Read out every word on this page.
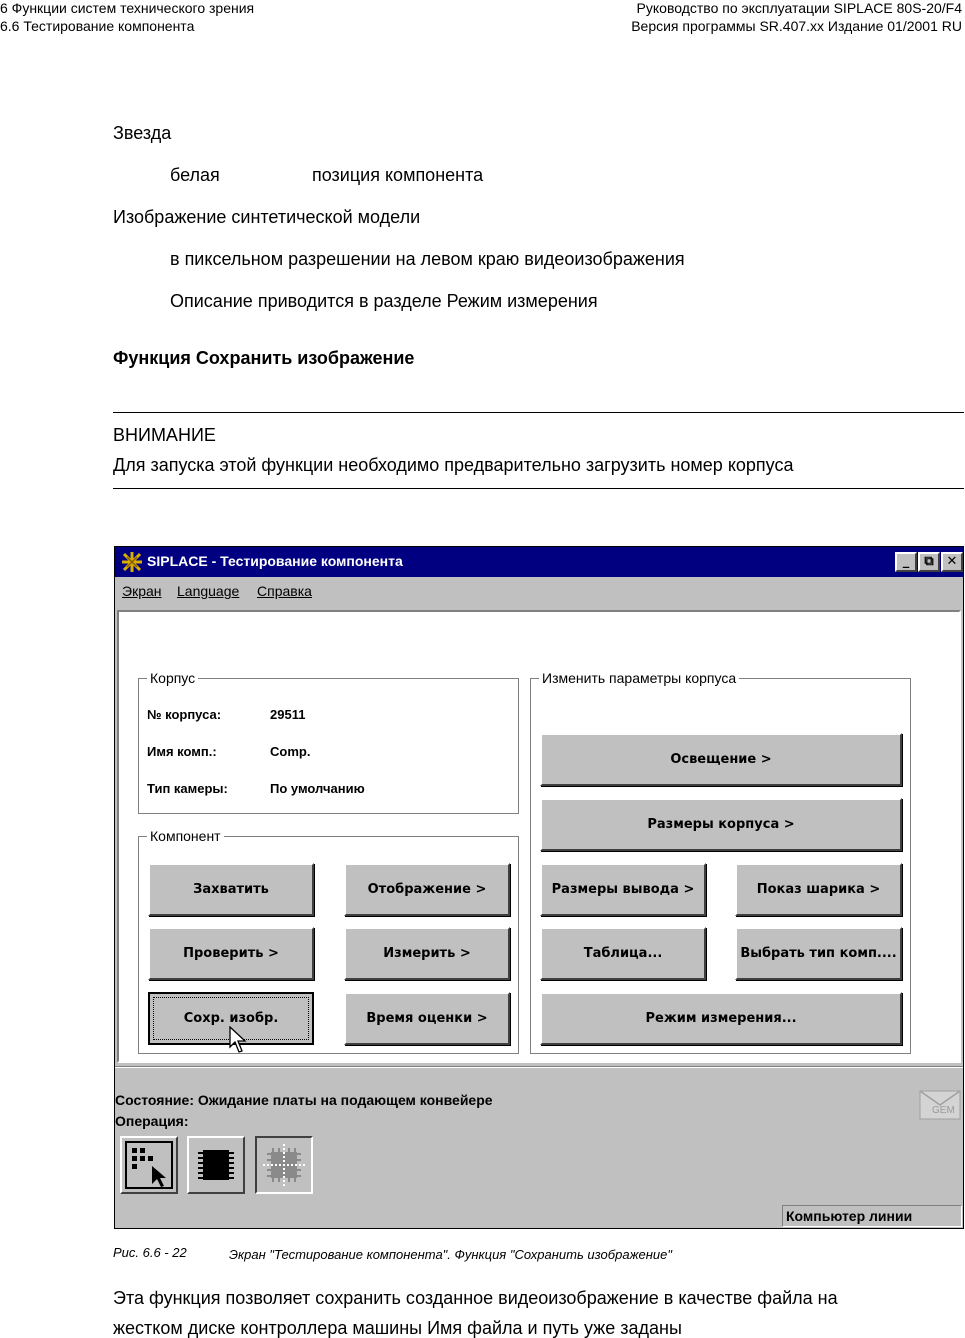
6 Функции систем технического зрения
6.6 Тестирование компонента
Руководство по эксплуатации SIPLACE 80S-20/F4
Версия программы SR.407.xx Издание 01/2001 RU
Звезда
белая	позиция компонента
Изображение синтетической модели
в пиксельном разрешении на левом краю видеоизображения
Описание приводится в разделе Режим измерения
Функция Сохранить изображение
ВНИМАНИЕ
Для запуска этой функции необходимо предварительно загрузить номер корпуса
SIPLACE - Тестирование компонента	_	⧉ ✕
Экран Language Справка
Корпус
№ корпуса:	29511
Имя комп.:	Comp.
Тип камеры:	По умолчанию
Компонент
Захватить	Отображение >
Проверить >	Измерить >
Сохр. изобр.	Время оценки >
Изменить параметры корпуса
Освещение >
Размеры корпуса >
Размеры вывода >	Показ шарика >
Таблица...	Выбрать тип комп....
Режим измерения...
Состояние: Ожидание платы на подающем конвейере
Операция:
GEM
Компьютер линии
Рис. 6.6 - 22	Экран "Тестирование компонента". Функция "Сохранить изображение"
Эта функция позволяет сохранить созданное видеоизображение в качестве файла на
жестком диске контроллера машины Имя файла и путь уже заданы
